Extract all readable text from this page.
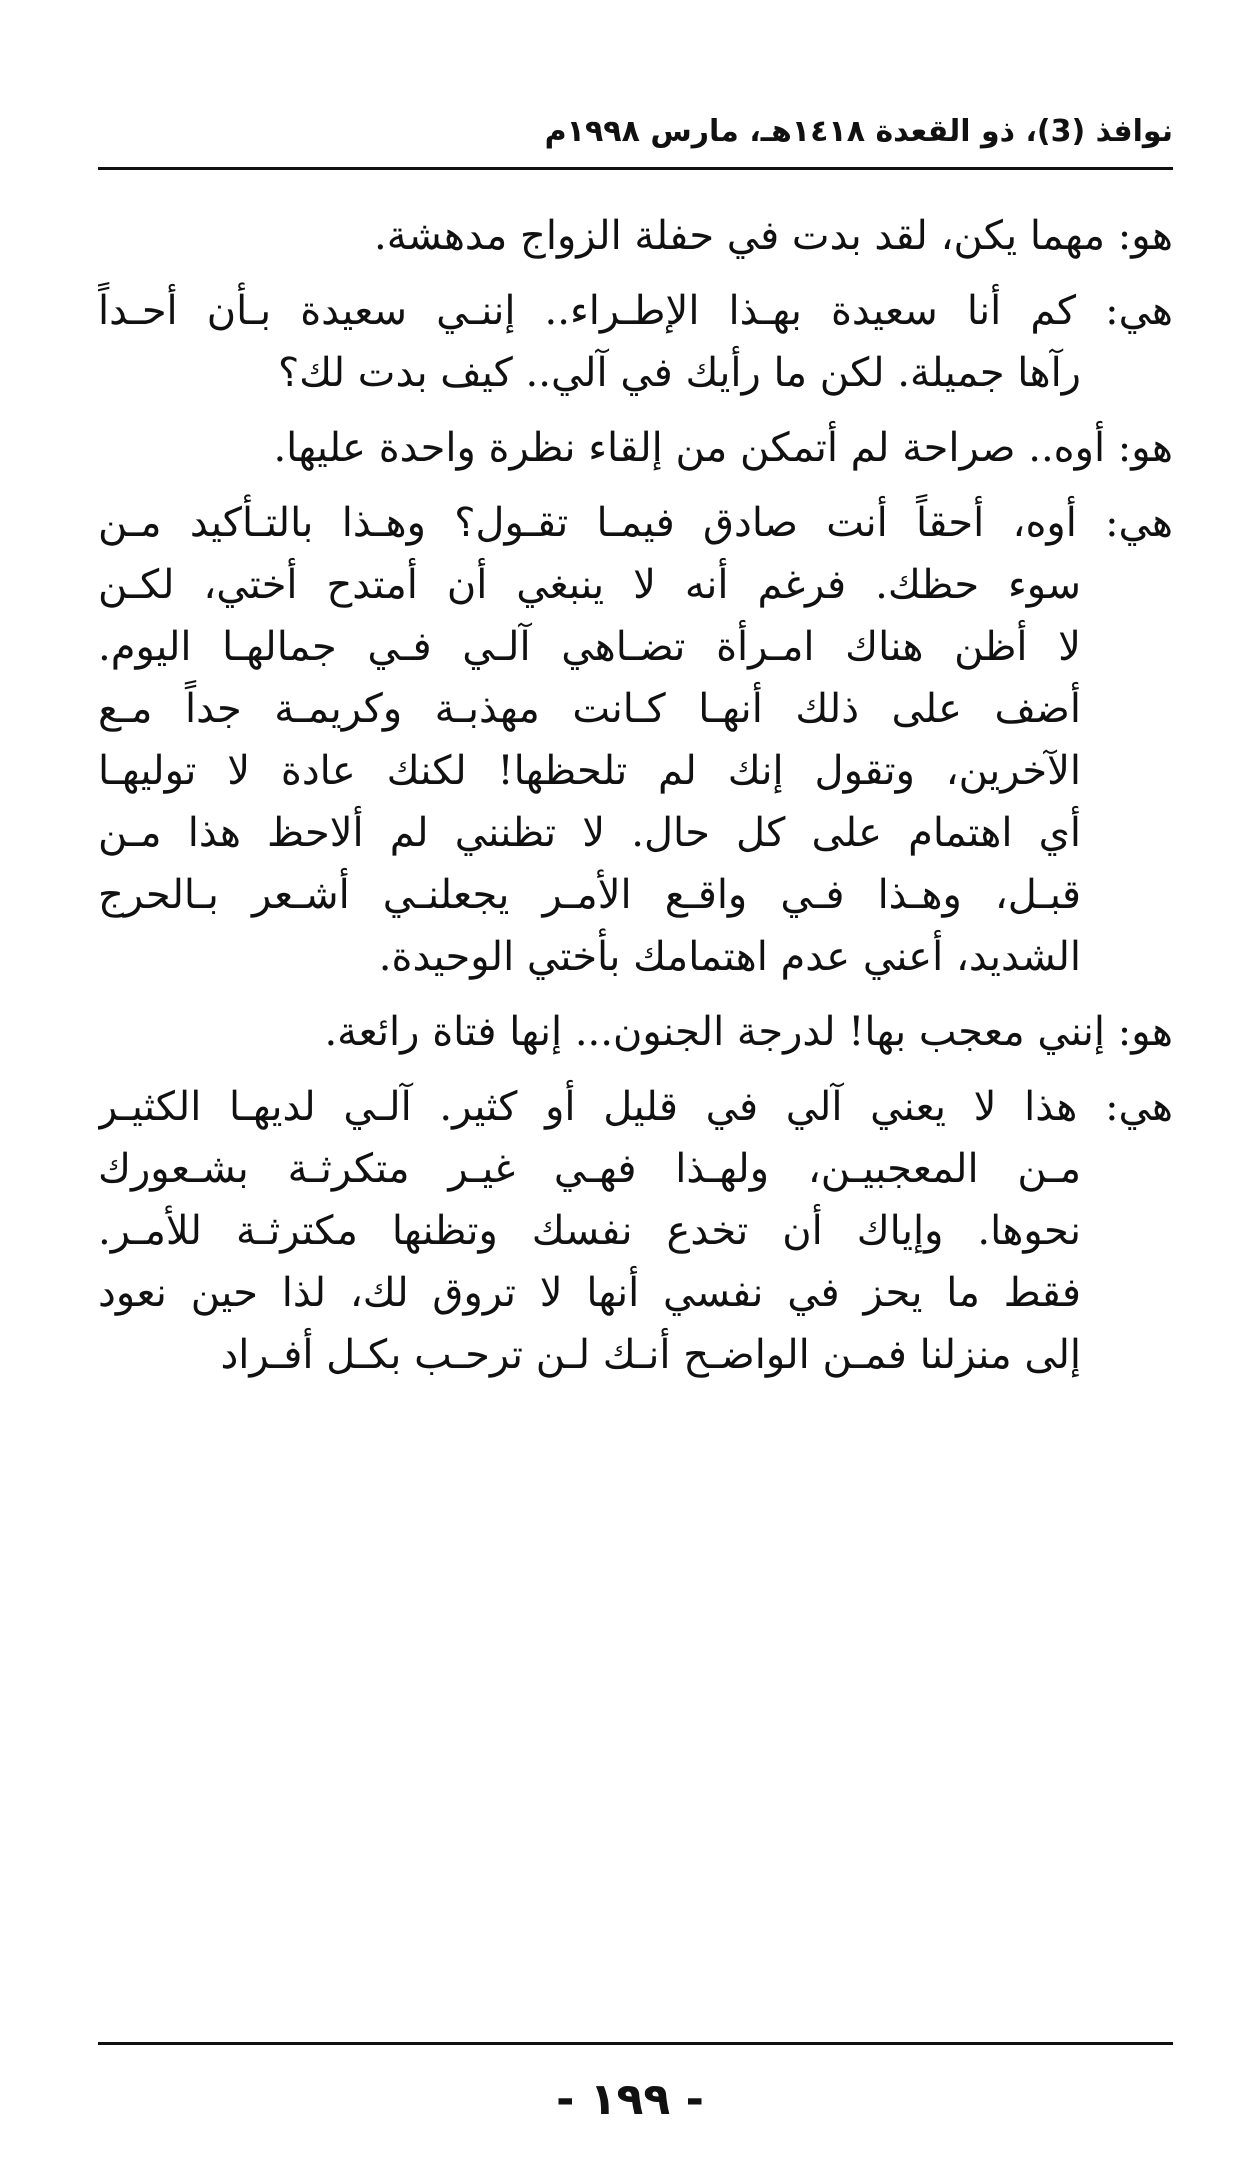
نوافذ (3)، ذو القعدة ١٤١٨هـ، مارس ١٩٩٨م
هو: مهما يكن، لقد بدت في حفلة الزواج مدهشة.
هي: كم أنا سعيدة بهـذا الإطـراء.. إننـي سعيدة بـأن أحـداً
رآها جميلة. لكن ما رأيك في آلي.. كيف بدت لك؟
هو: أوه.. صراحة لم أتمكن من إلقاء نظرة واحدة عليها.
هي: أوه، أحقاً أنت صادق فيمـا تقـول؟ وهـذا بالتـأكيد مـن
سوء حظك. فرغم أنه لا ينبغي أن أمتدح أختي، لكـن
لا أظن هناك امـرأة تضـاهي آلـي فـي جمالهـا اليوم.
أضف على ذلك أنهـا كـانت مهذبـة وكريمـة جداً مـع
الآخرين، وتقول إنك لم تلحظها! لكنك عادة لا توليهـا
أي اهتمام على كل حال. لا تظنني لم ألاحظ هذا مـن
قبـل، وهـذا فـي واقـع الأمـر يجعلنـي أشـعر بـالحرج
الشديد، أعني عدم اهتمامك بأختي الوحيدة.
هو: إنني معجب بها! لدرجة الجنون... إنها فتاة رائعة.
هي: هذا لا يعني آلي في قليل أو كثير. آلـي لديهـا الكثيـر
مـن المعجبيـن، ولهـذا فهـي غيـر متكرثـة بشـعورك
نحوها. وإياك أن تخدع نفسك وتظنها مكترثـة للأمـر.
فقط ما يحز في نفسي أنها لا تروق لك، لذا حين نعود
إلى منزلنا فمـن الواضـح أنـك لـن ترحـب بكـل أفـراد
- ١٩٩ -
